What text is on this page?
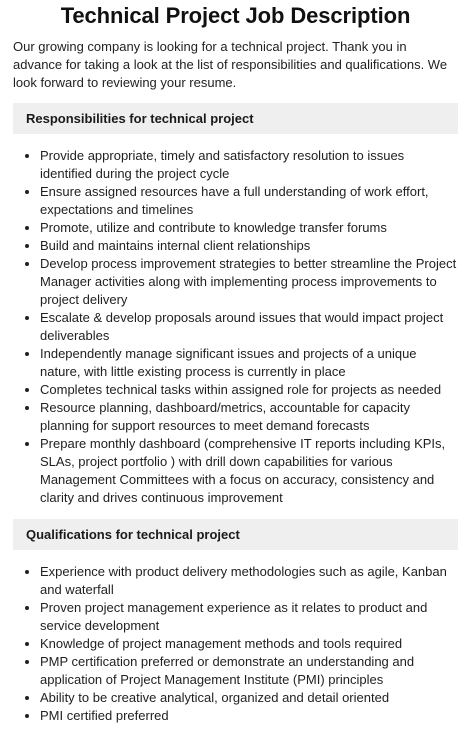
Technical Project Job Description

Our growing company is looking for a technical project. Thank you in advance for taking a look at the list of responsibilities and qualifications. We look forward to reviewing your resume.

Responsibilities for technical project
Provide appropriate, timely and satisfactory resolution to issues identified during the project cycle
Ensure assigned resources have a full understanding of work effort, expectations and timelines
Promote, utilize and contribute to knowledge transfer forums
Build and maintains internal client relationships
Develop process improvement strategies to better streamline the Project Manager activities along with implementing process improvements to project delivery
Escalate & develop proposals around issues that would impact project deliverables
Independently manage significant issues and projects of a unique nature, with little existing process is currently in place
Completes technical tasks within assigned role for projects as needed
Resource planning, dashboard/metrics, accountable for capacity planning for support resources to meet demand forecasts
Prepare monthly dashboard (comprehensive IT reports including KPIs, SLAs, project portfolio ) with drill down capabilities for various Management Committees with a focus on accuracy, consistency and clarity and drives continuous improvement
Qualifications for technical project
Experience with product delivery methodologies such as agile, Kanban and waterfall
Proven project management experience as it relates to product and service development
Knowledge of project management methods and tools required
PMP certification preferred or demonstrate an understanding and application of Project Management Institute (PMI) principles
Ability to be creative analytical, organized and detail oriented
PMI certified preferred
